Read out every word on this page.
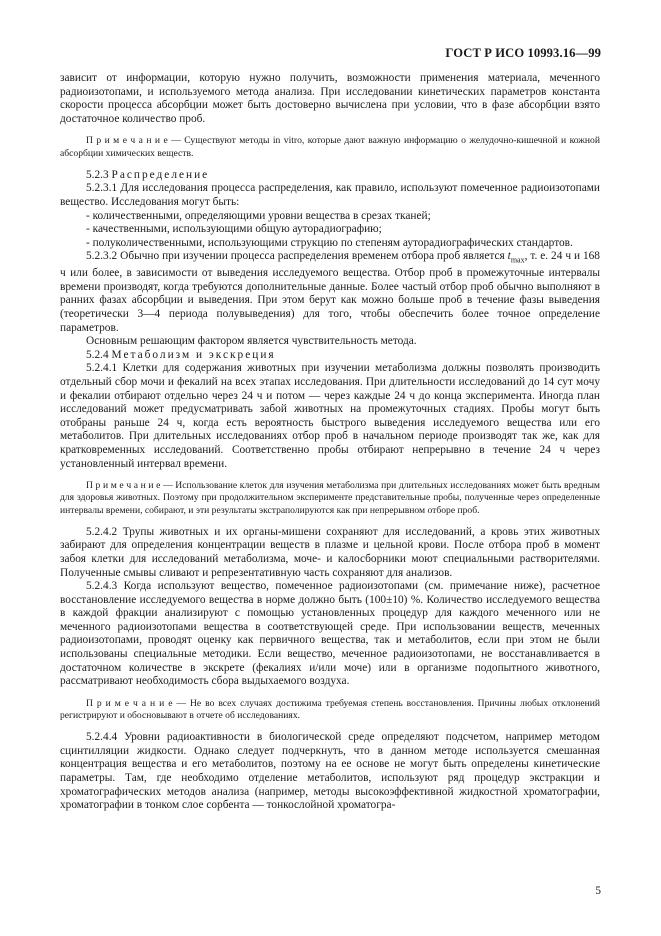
ГОСТ Р ИСО 10993.16—99

зависит от информации, которую нужно получить, возможности применения материала, меченного радиоизотопами, и используемого метода анализа. При исследовании кинетических параметров константа скорости процесса абсорбции может быть достоверно вычислена при условии, что в фазе абсорбции взято достаточное количество проб.

П р и м е ч а н и е — Существуют методы in vitro, которые дают важную информацию о желудочно-кишечной и кожной абсорбции химических веществ.

5.2.3 Распределение

5.2.3.1 Для исследования процесса распределения, как правило, используют помеченное радиоизотопами вещество. Исследования могут быть:

- количественными, определяющими уровни вещества в срезах тканей;

- качественными, использующими общую ауторадиографию;

- полуколичественными, использующими струкцию по степеням ауторадиографических стандартов.

5.2.3.2 Обычно при изучении процесса распределения временем отбора проб является $t_{max}$, т. е. 24 ч и 168 ч или более, в зависимости от выведения исследуемого вещества. Отбор проб в промежуточные интервалы времени производят, когда требуются дополнительные данные. Более частый отбор проб обычно выполняют в ранних фазах абсорбции и выведения. При этом берут как можно больше проб в течение фазы выведения (теоретически 3—4 периода полувыведения) для того, чтобы обеспечить более точное определение параметров.

Основным решающим фактором является чувствительность метода.

5.2.4 Метаболизм и экскреция

5.2.4.1 Клетки для содержания животных при изучении метаболизма должны позволять производить отдельный сбор мочи и фекалий на всех этапах исследования. При длительности исследований до 14 сут мочу и фекалии отбирают отдельно через 24 ч и потом — через каждые 24 ч до конца эксперимента. Иногда план исследований может предусматривать забой животных на промежуточных стадиях. Пробы могут быть отобраны раньше 24 ч, когда есть вероятность быстрого выведения исследуемого вещества или его метаболитов. При длительных исследованиях отбор проб в начальном периоде производят так же, как для кратковременных исследований. Соответственно пробы отбирают непрерывно в течение 24 ч через установленный интервал времени.

П р и м е ч а н и е — Использование клеток для изучения метаболизма при длительных исследованиях может быть вредным для здоровья животных. Поэтому при продолжительном эксперименте представительные пробы, полученные через определенные интервалы времени, собирают, и эти результаты экстраполируются как при непрерывном отборе проб.

5.2.4.2 Трупы животных и их органы-мишени сохраняют для исследований, а кровь этих животных забирают для определения концентрации веществ в плазме и цельной крови. После отбора проб в момент забоя клетки для исследований метаболизма, моче- и калосборники моют специальными растворителями. Полученные смывы сливают и репрезентативную часть сохраняют для анализов.

5.2.4.3 Когда используют вещество, помеченное радиоизотопами (см. примечание ниже), расчетное восстановление исследуемого вещества в норме должно быть (100±10) %. Количество исследуемого вещества в каждой фракции анализируют с помощью установленных процедур для каждого меченного или не меченного радиоизотопами вещества в соответствующей среде. При использовании веществ, меченных радиоизотопами, проводят оценку как первичного вещества, так и метаболитов, если при этом не были использованы специальные методики. Если вещество, меченное радиоизотопами, не восстанавливается в достаточном количестве в экскрете (фекалиях и/или моче) или в организме подопытного животного, рассматривают необходимость сбора выдыхаемого воздуха.

П р и м е ч а н и е — Не во всех случаях достижима требуемая степень восстановления. Причины любых отклонений регистрируют и обосновывают в отчете об исследованиях.

5.2.4.4 Уровни радиоактивности в биологической среде определяют подсчетом, например методом сцинтилляции жидкости. Однако следует подчеркнуть, что в данном методе используется смешанная концентрация вещества и его метаболитов, поэтому на ее основе не могут быть определены кинетические параметры. Там, где необходимо отделение метаболитов, используют ряд процедур экстракции и хроматографических методов анализа (например, методы высокоэффективной жидкостной хроматографии, хроматографии в тонком слое сорбента — тонкослойной хроматогра-

5
